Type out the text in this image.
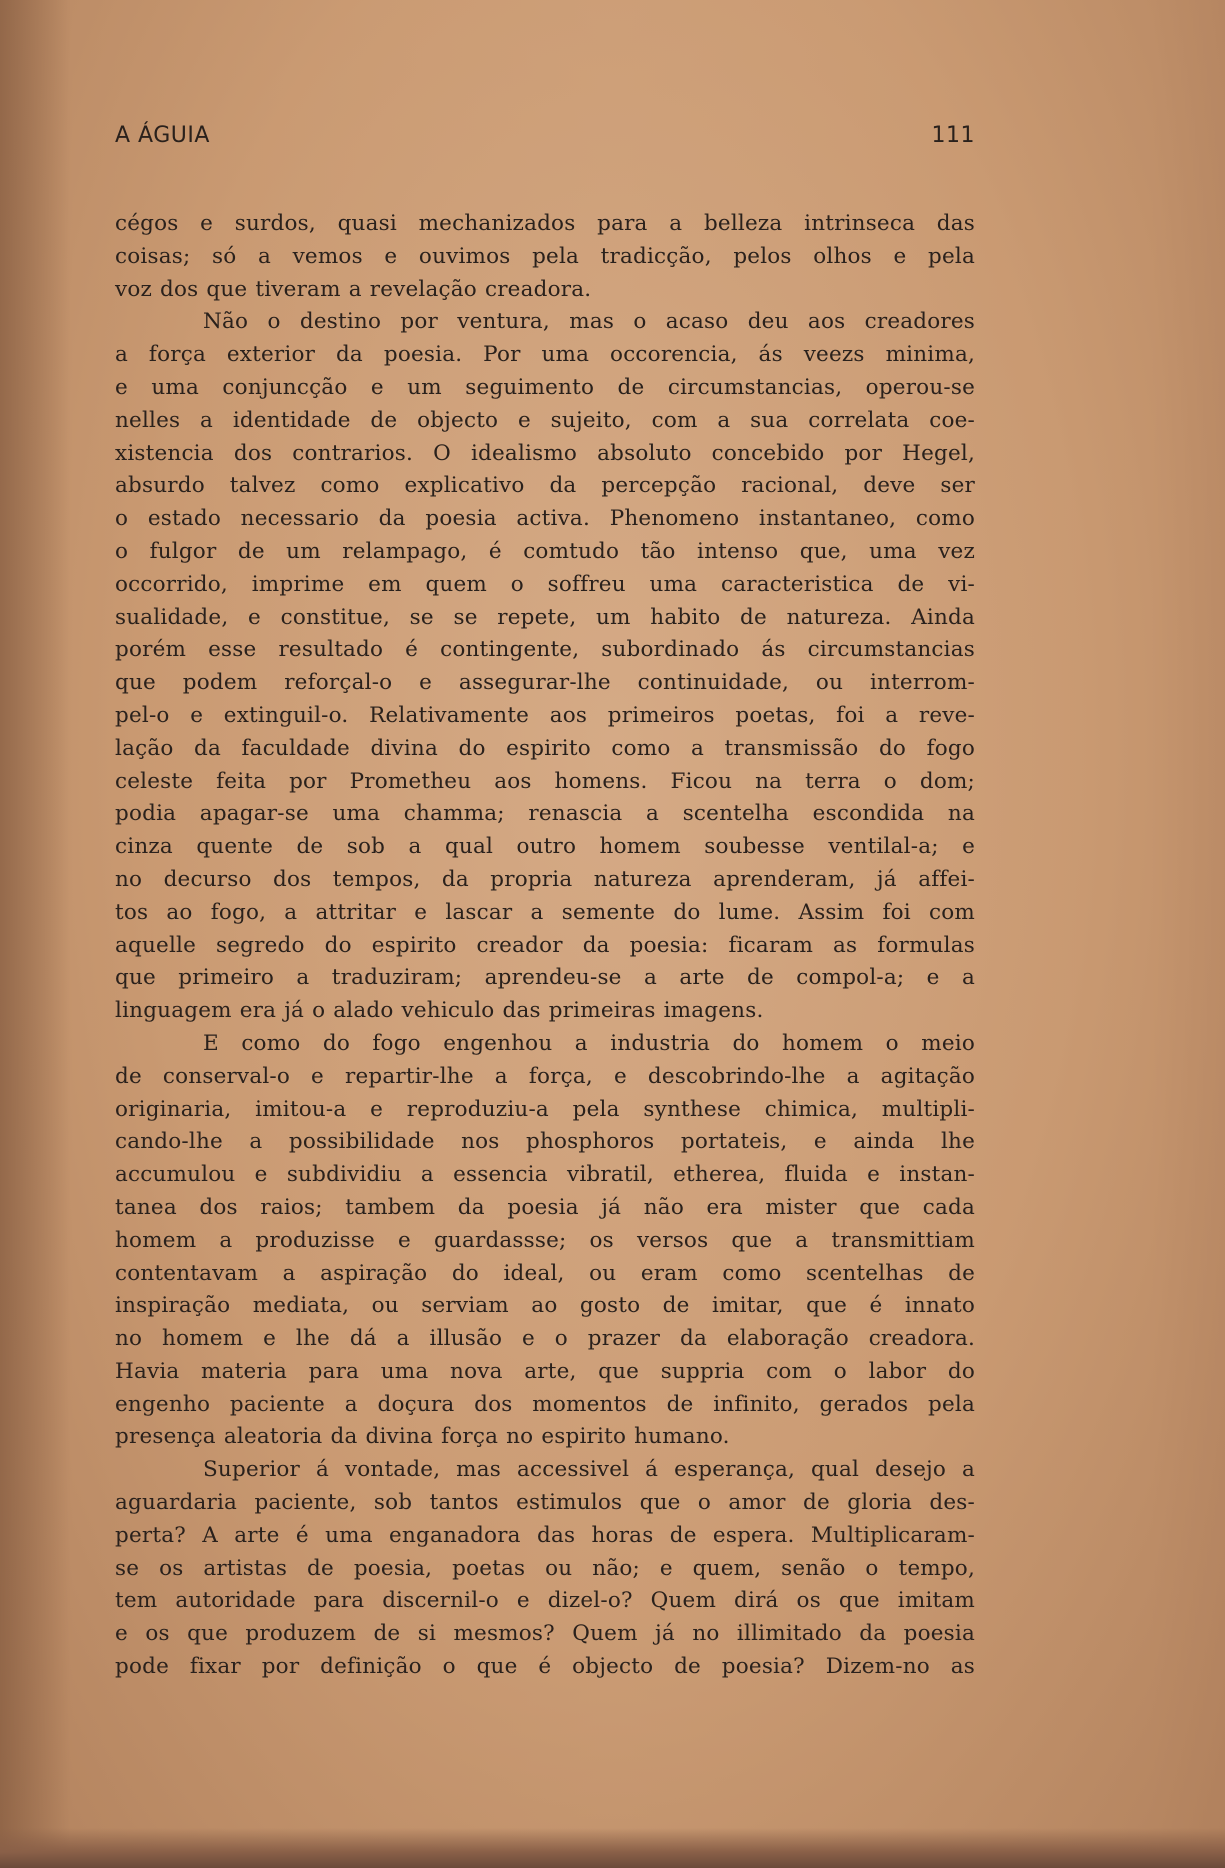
A ÁGUIA	111
cégos e surdos, quasi mechanizados para a belleza intrinseca das
coisas; só a vemos e ouvimos pela tradicção, pelos olhos e pela
voz dos que tiveram a revelação creadora.
Não o destino por ventura, mas o acaso deu aos creadores
a força exterior da poesia. Por uma occorencia, ás veezs minima,
e uma conjuncção e um seguimento de circumstancias, operou-se
nelles a identidade de objecto e sujeito, com a sua correlata coe-
xistencia dos contrarios. O idealismo absoluto concebido por Hegel,
absurdo talvez como explicativo da percepção racional, deve ser
o estado necessario da poesia activa. Phenomeno instantaneo, como
o fulgor de um relampago, é comtudo tão intenso que, uma vez
occorrido, imprime em quem o soffreu uma caracteristica de vi-
sualidade, e constitue, se se repete, um habito de natureza. Ainda
porém esse resultado é contingente, subordinado ás circumstancias
que podem reforçal-o e assegurar-lhe continuidade, ou interrom-
pel-o e extinguil-o. Relativamente aos primeiros poetas, foi a reve-
lação da faculdade divina do espirito como a transmissão do fogo
celeste feita por Prometheu aos homens. Ficou na terra o dom;
podia apagar-se uma chamma; renascia a scentelha escondida na
cinza quente de sob a qual outro homem soubesse ventilal-a; e
no decurso dos tempos, da propria natureza aprenderam, já affei-
tos ao fogo, a attritar e lascar a semente do lume. Assim foi com
aquelle segredo do espirito creador da poesia: ficaram as formulas
que primeiro a traduziram; aprendeu-se a arte de compol-a; e a
linguagem era já o alado vehiculo das primeiras imagens.
E como do fogo engenhou a industria do homem o meio
de conserval-o e repartir-lhe a força, e descobrindo-lhe a agitação
originaria, imitou-a e reproduziu-a pela synthese chimica, multipli-
cando-lhe a possibilidade nos phosphoros portateis, e ainda lhe
accumulou e subdividiu a essencia vibratil, etherea, fluida e instan-
tanea dos raios; tambem da poesia já não era mister que cada
homem a produzisse e guardassse; os versos que a transmittiam
contentavam a aspiração do ideal, ou eram como scentelhas de
inspiração mediata, ou serviam ao gosto de imitar, que é innato
no homem e lhe dá a illusão e o prazer da elaboração creadora.
Havia materia para uma nova arte, que suppria com o labor do
engenho paciente a doçura dos momentos de infinito, gerados pela
presença aleatoria da divina força no espirito humano.
Superior á vontade, mas accessivel á esperança, qual desejo a
aguardaria paciente, sob tantos estimulos que o amor de gloria des-
perta? A arte é uma enganadora das horas de espera. Multiplicaram-
se os artistas de poesia, poetas ou não; e quem, senão o tempo,
tem autoridade para discernil-o e dizel-o? Quem dirá os que imitam
e os que produzem de si mesmos? Quem já no illimitado da poesia
pode fixar por definição o que é objecto de poesia? Dizem-no as
